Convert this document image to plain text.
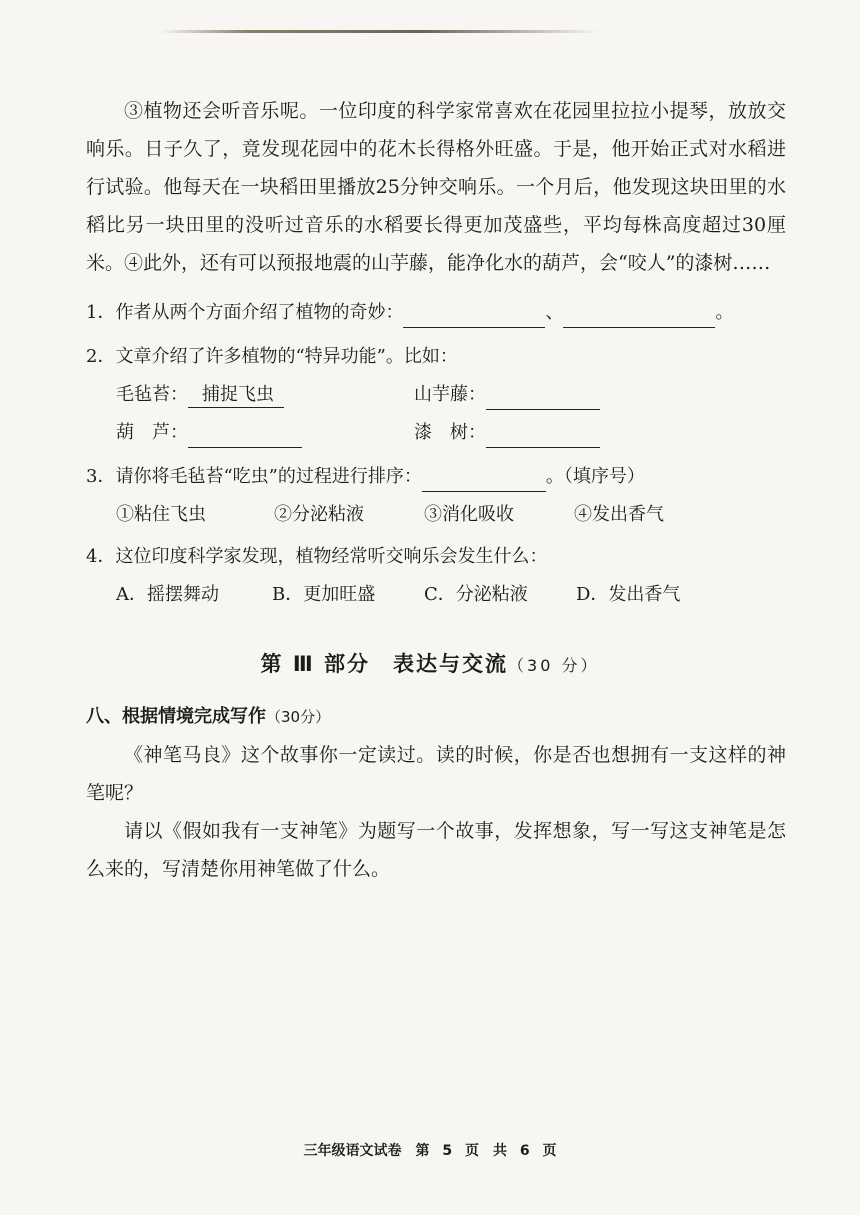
③植物还会听音乐呢。一位印度的科学家常喜欢在花园里拉拉小提琴，放放交响乐。日子久了，竟发现花园中的花木长得格外旺盛。于是，他开始正式对水稻进行试验。他每天在一块稻田里播放25分钟交响乐。一个月后，他发现这块田里的水稻比另一块田里的没听过音乐的水稻要长得更加茂盛些，平均每株高度超过30厘米。 ④此外，还有可以预报地震的山芋藤，能净化水的葫芦，会“咬人”的漆树……
1．作者从两个方面介绍了植物的奇妙：	、	。
2．文章介绍了许多植物的“特异功能”。比如：
毛毡苔： 捕捉飞虫	山芋藤：
葫　芦：	漆　树：
3．请你将毛毡苔“吃虫”的过程进行排序：	。（填序号）
①粘住飞虫	②分泌粘液	③消化吸收	④发出香气
4．这位印度科学家发现，植物经常听交响乐会发生什么：
A．摇摆舞动	B．更加旺盛	C．分泌粘液	D．发出香气
第 Ⅲ 部分　表达与交流（30 分）
八、根据情境完成写作（30分）
《神笔马良》这个故事你一定读过。读的时候，你是否也想拥有一支这样的神笔呢？
请以《假如我有一支神笔》为题写一个故事，发挥想象，写一写这支神笔是怎么来的，写清楚你用神笔做了什么。
三年级语文试卷　第 5 页　共 6 页
